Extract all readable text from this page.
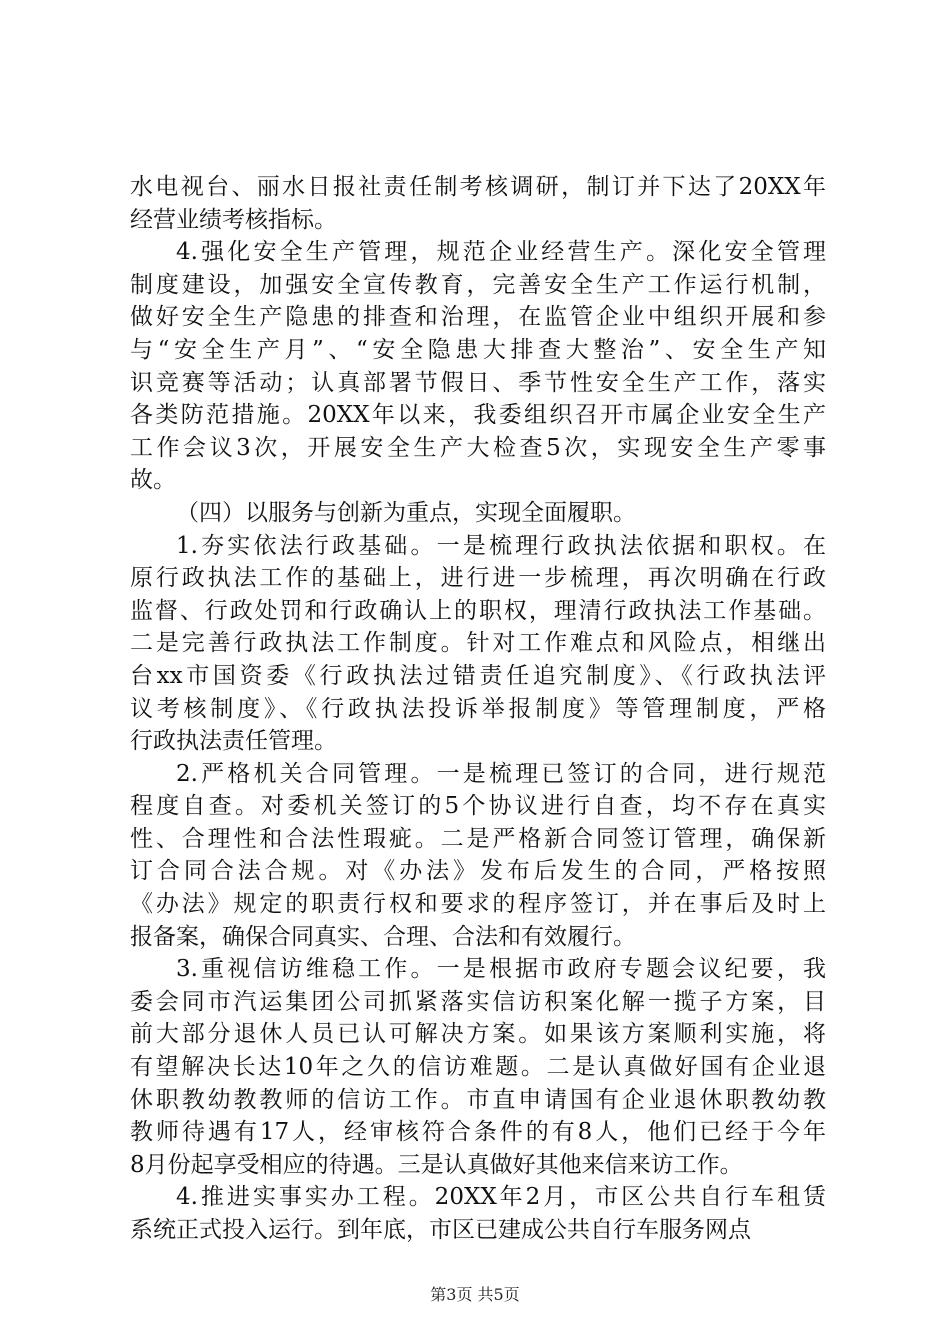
水电视台、丽水日报社责任制考核调研，制订并下达了20XX年
经营业绩考核指标。
4.强化安全生产管理，规范企业经营生产。深化安全管理
制度建设，加强安全宣传教育，完善安全生产工作运行机制，
做好安全生产隐患的排查和治理，在监管企业中组织开展和参
与“安全生产月”、“安全隐患大排查大整治”、安全生产知
识竞赛等活动；认真部署节假日、季节性安全生产工作，落实
各类防范措施。20XX年以来，我委组织召开市属企业安全生产
工作会议3次，开展安全生产大检查5次，实现安全生产零事
故。
（四）以服务与创新为重点，实现全面履职。
1.夯实依法行政基础。一是梳理行政执法依据和职权。在
原行政执法工作的基础上，进行进一步梳理，再次明确在行政
监督、行政处罚和行政确认上的职权，理清行政执法工作基础。
二是完善行政执法工作制度。针对工作难点和风险点，相继出
台xx市国资委《行政执法过错责任追究制度》、《行政执法评
议考核制度》、《行政执法投诉举报制度》等管理制度，严格
行政执法责任管理。
2.严格机关合同管理。一是梳理已签订的合同，进行规范
程度自查。对委机关签订的5个协议进行自查，均不存在真实
性、合理性和合法性瑕疵。二是严格新合同签订管理，确保新
订合同合法合规。对《办法》发布后发生的合同，严格按照
《办法》规定的职责行权和要求的程序签订，并在事后及时上
报备案，确保合同真实、合理、合法和有效履行。
3.重视信访维稳工作。一是根据市政府专题会议纪要，我
委会同市汽运集团公司抓紧落实信访积案化解一揽子方案，目
前大部分退休人员已认可解决方案。如果该方案顺利实施，将
有望解决长达10年之久的信访难题。二是认真做好国有企业退
休职教幼教教师的信访工作。市直申请国有企业退休职教幼教
教师待遇有17人，经审核符合条件的有8人，他们已经于今年
8月份起享受相应的待遇。三是认真做好其他来信来访工作。
4.推进实事实办工程。20XX年2月，市区公共自行车租赁
系统正式投入运行。到年底，市区已建成公共自行车服务网点
第3页 共5页
